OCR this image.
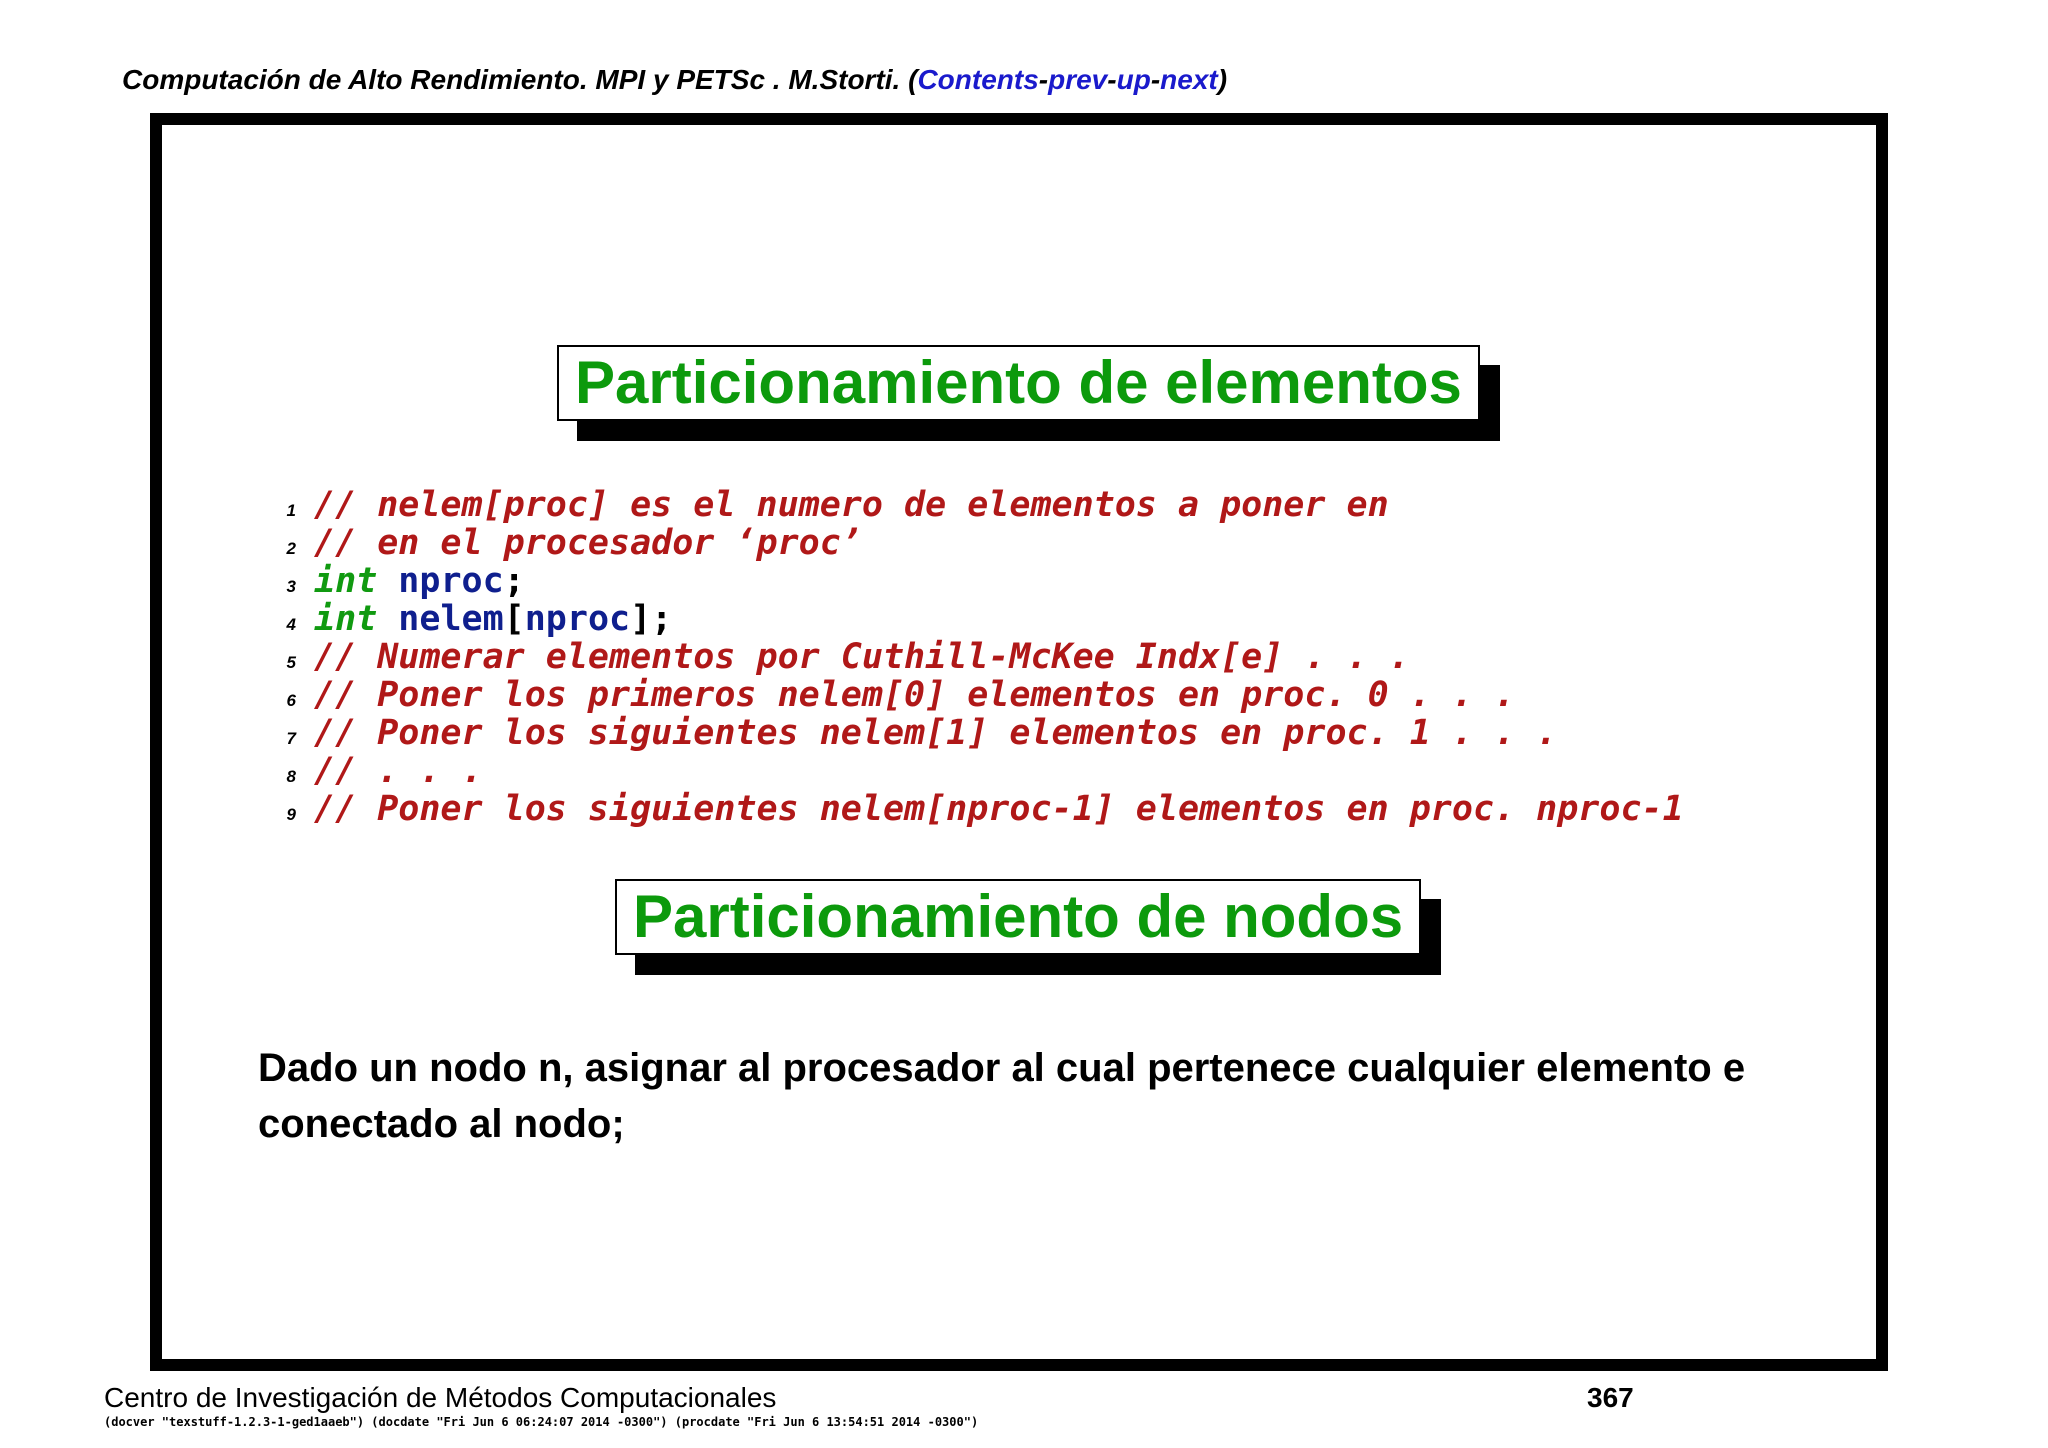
Computación de Alto Rendimiento. MPI y PETSc . M.Storti. (Contents-prev-up-next)
Particionamiento de elementos
1 // nelem[proc] es el numero de elementos a poner en
2 // en el procesador ‘proc’
3 int nproc ;
4 int nelem [ nproc ];
5 // Numerar elementos por Cuthill-McKee Indx[e] . . .
6 // Poner los primeros nelem[0] elementos en proc. 0 . . .
7 // Poner los siguientes nelem[1] elementos en proc. 1 . . .
8 // . . .
9 // Poner los siguientes nelem[nproc-1] elementos en proc. nproc-1
Particionamiento de nodos
Dado un nodo n, asignar al procesador al cual pertenece cualquier elemento e conectado al nodo;
Centro de Investigación de Métodos Computacionales	367
(docver "texstuff-1.2.3-1-ged1aaeb") (docdate "Fri Jun 6 06:24:07 2014 -0300") (procdate "Fri Jun 6 13:54:51 2014 -0300")
